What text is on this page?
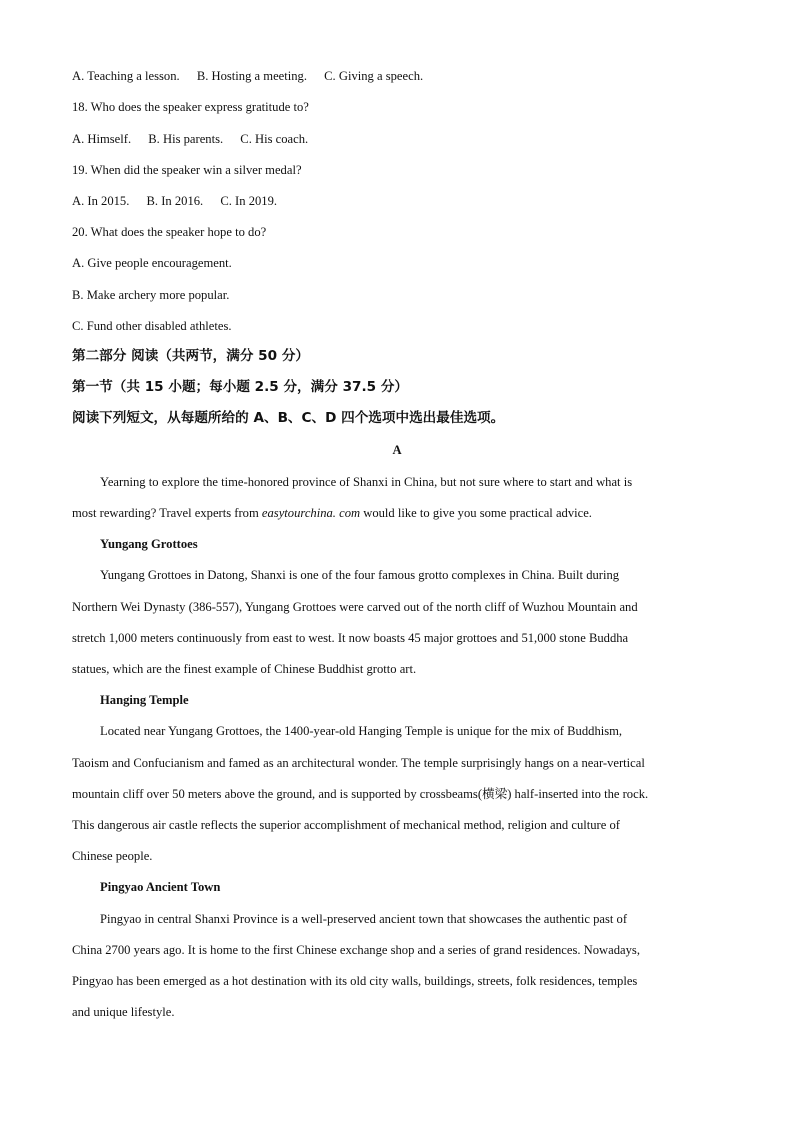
A. Teaching a lesson. B. Hosting a meeting. C. Giving a speech.
18. Who does the speaker express gratitude to?
A. Himself. B. His parents. C. His coach.
19. When did the speaker win a silver medal?
A. In 2015. B. In 2016. C. In 2019.
20. What does the speaker hope to do?
A. Give people encouragement.
B. Make archery more popular.
C. Fund other disabled athletes.
第二部分 阅读（共两节，满分 50 分）
第一节（共 15 小题；每小题 2.5 分，满分 37.5 分）
阅读下列短文，从每题所给的 A、B、C、D 四个选项中选出最佳选项。
A
Yearning to explore the time-honored province of Shanxi in China, but not sure where to start and what is
most rewarding? Travel experts from easytourchina. com would like to give you some practical advice.
Yungang Grottoes
Yungang Grottoes in Datong, Shanxi is one of the four famous grotto complexes in China. Built during
Northern Wei Dynasty (386-557), Yungang Grottoes were carved out of the north cliff of Wuzhou Mountain and
stretch 1,000 meters continuously from east to west. It now boasts 45 major grottoes and 51,000 stone Buddha
statues, which are the finest example of Chinese Buddhist grotto art.
Hanging Temple
Located near Yungang Grottoes, the 1400-year-old Hanging Temple is unique for the mix of Buddhism,
Taoism and Confucianism and famed as an architectural wonder. The temple surprisingly hangs on a near-vertical
mountain cliff over 50 meters above the ground, and is supported by crossbeams(横梁) half-inserted into the rock.
This dangerous air castle reflects the superior accomplishment of mechanical method, religion and culture of
Chinese people.
Pingyao Ancient Town
Pingyao in central Shanxi Province is a well-preserved ancient town that showcases the authentic past of
China 2700 years ago. It is home to the first Chinese exchange shop and a series of grand residences. Nowadays,
Pingyao has been emerged as a hot destination with its old city walls, buildings, streets, folk residences, temples
and unique lifestyle.
